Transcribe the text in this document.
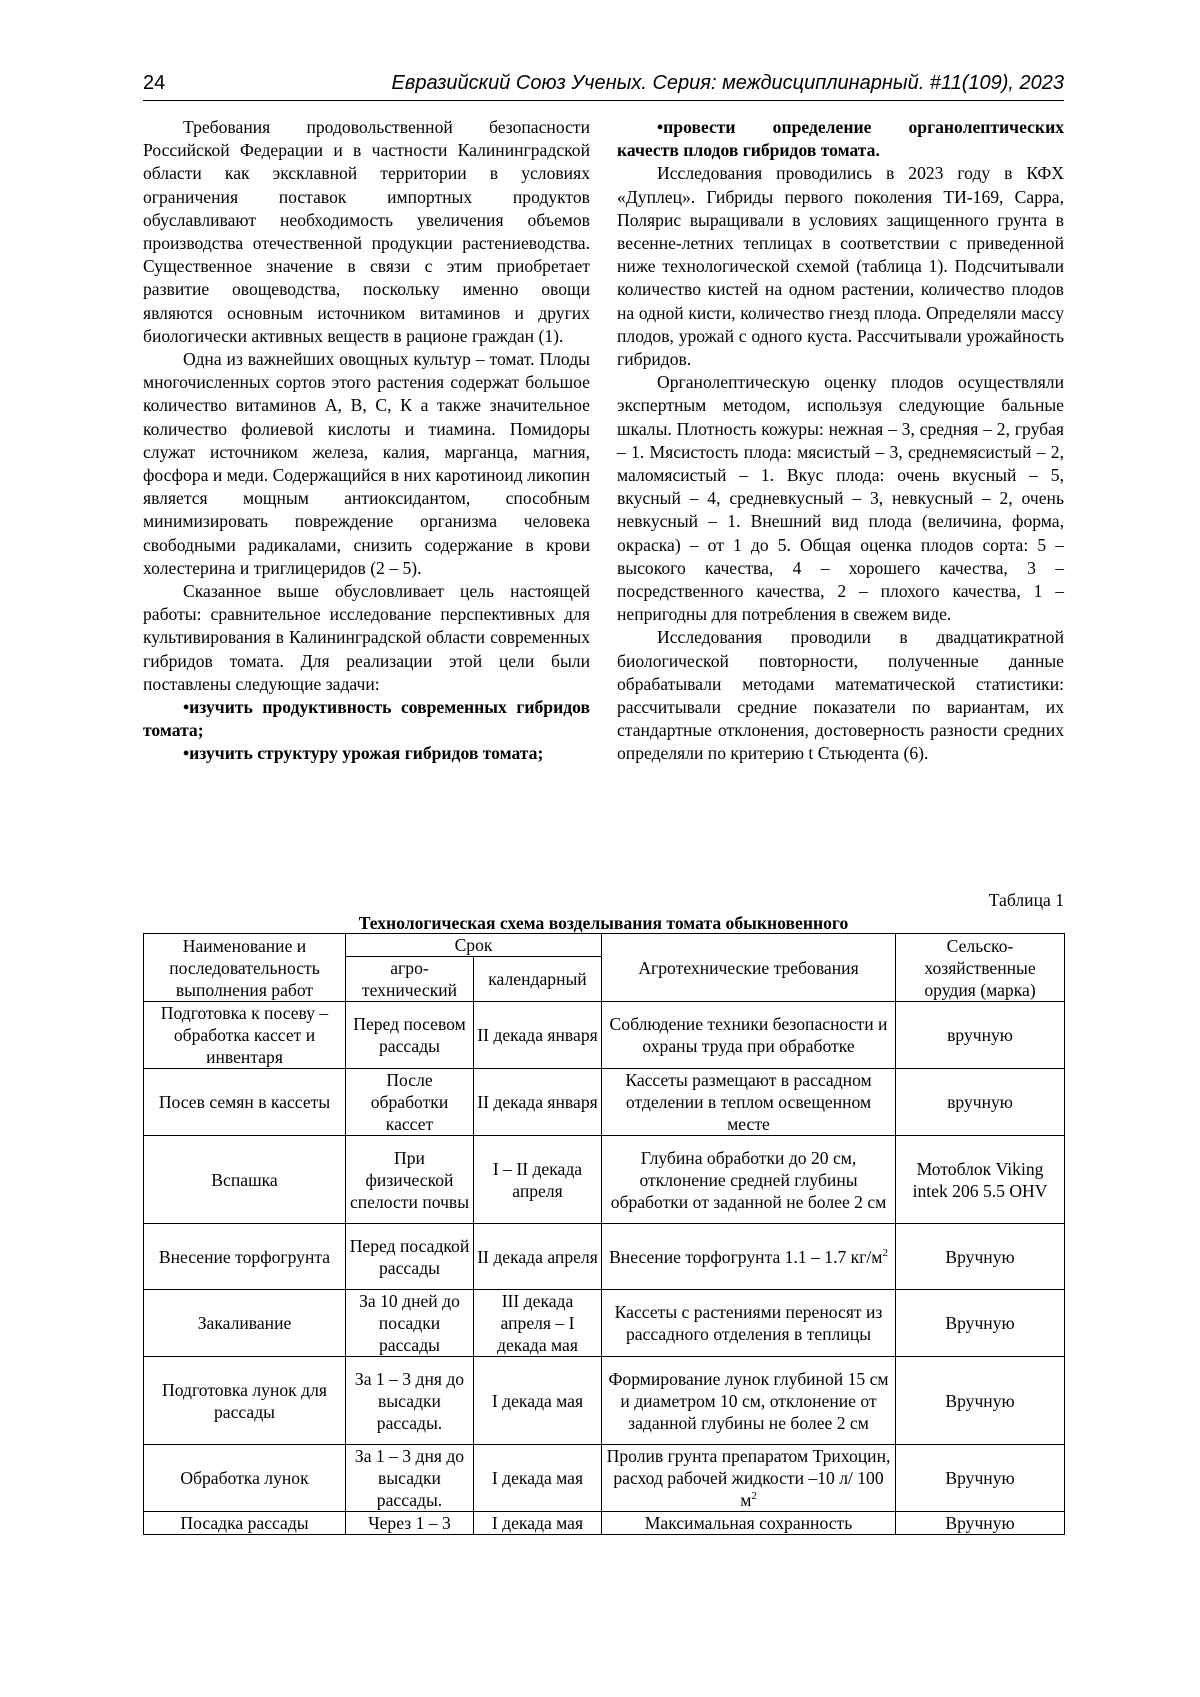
24	Евразийский Союз Ученых. Серия: междисциплинарный. #11(109), 2023

Требования продовольственной безопасности Российской Федерации и в частности Калининградской области как эксклавной территории в условиях ограничения поставок импортных продуктов обуславливают необходимость увеличения объемов производства отечественной продукции растениеводства. Существенное значение в связи с этим приобретает развитие овощеводства, поскольку именно овощи являются основным источником витаминов и других биологически активных веществ в рационе граждан (1).

Одна из важнейших овощных культур – томат. Плоды многочисленных сортов этого растения содержат большое количество витаминов А, В, С, К а также значительное количество фолиевой кислоты и тиамина. Помидоры служат источником железа, калия, марганца, магния, фосфора и меди. Содержащийся в них каротиноид ликопин является мощным антиоксидантом, способным минимизировать повреждение организма человека свободными радикалами, снизить содержание в крови холестерина и триглицеридов (2 – 5).

Сказанное выше обусловливает цель настоящей работы: сравнительное исследование перспективных для культивирования в Калининградской области современных гибридов томата. Для реализации этой цели были поставлены следующие задачи:

•изучить продуктивность современных гибридов томата;

•изучить структуру урожая гибридов томата;

•провести определение органолептических качеств плодов гибридов томата.

Исследования проводились в 2023 году в КФХ «Дуплец». Гибриды первого поколения ТИ-169, Сарра, Полярис выращивали в условиях защищенного грунта в весенне-летних теплицах в соответствии с приведенной ниже технологической схемой (таблица 1). Подсчитывали количество кистей на одном растении, количество плодов на одной кисти, количество гнезд плода. Определяли массу плодов, урожай с одного куста. Рассчитывали урожайность гибридов.

Органолептическую оценку плодов осуществляли экспертным методом, используя следующие бальные шкалы. Плотность кожуры: нежная – 3, средняя – 2, грубая – 1. Мясистость плода: мясистый – 3, среднемясистый – 2, маломясистый – 1. Вкус плода: очень вкусный – 5, вкусный – 4, средневкусный – 3, невкусный – 2, очень невкусный – 1. Внешний вид плода (величина, форма, окраска) – от 1 до 5. Общая оценка плодов сорта: 5 – высокого качества, 4 – хорошего качества, 3 –посредственного качества, 2 – плохого качества, 1 – непригодны для потребления в свежем виде.

Исследования проводили в двадцатикратной биологической повторности, полученные данные обрабатывали методами математической статистики: рассчитывали средние показатели по вариантам, их стандартные отклонения, достоверность разности средних определяли по критерию t Стьюдента (6).

Таблица 1
Технологическая схема возделывания томата обыкновенного
Наименование и последовательность выполнения работ	Срок		Агротехнические требования	Сельско-хозяйственные орудия (марка)
	агро-технический	календарный		
Подготовка к посеву – обработка кассет и инвентаря	Перед посевом рассады	II декада января	Соблюдение техники безопасности и охраны труда при обработке	вручную
Посев семян в кассеты	После обработки кассет	II декада января	Кассеты размещают в рассадном отделении в теплом освещенном месте	вручную
Вспашка	При физической спелости почвы	I – II декада апреля	Глубина обработки до 20 см, отклонение средней глубины обработки от заданной не более 2 см	Мотоблок Viking intek 206 5.5 OHV
Внесение торфогрунта	Перед посадкой рассады	II декада апреля	Внесение торфогрунта 1.1 – 1.7 $кг/м^2$	Вручную
Закаливание	За 10 дней до посадки рассады	III декада апреля – I декада мая	Кассеты с растениями переносят из рассадного отделения в теплицы	Вручную
Подготовка лунок для рассады	За 1 – 3 дня до высадки рассады.	I декада мая	Формирование лунок глубиной 15 см и диаметром 10 см, отклонение от заданной глубины не более 2 см	Вручную
Обработка лунок	За 1 – 3 дня до высадки рассады.	I декада мая	Пролив грунта препаратом Трихоцин, расход рабочей жидкости –10 л/ 100 $м^2$	Вручную
Посадка рассады	Через 1 – 3	I декада мая	Максимальная сохранность	Вручную
